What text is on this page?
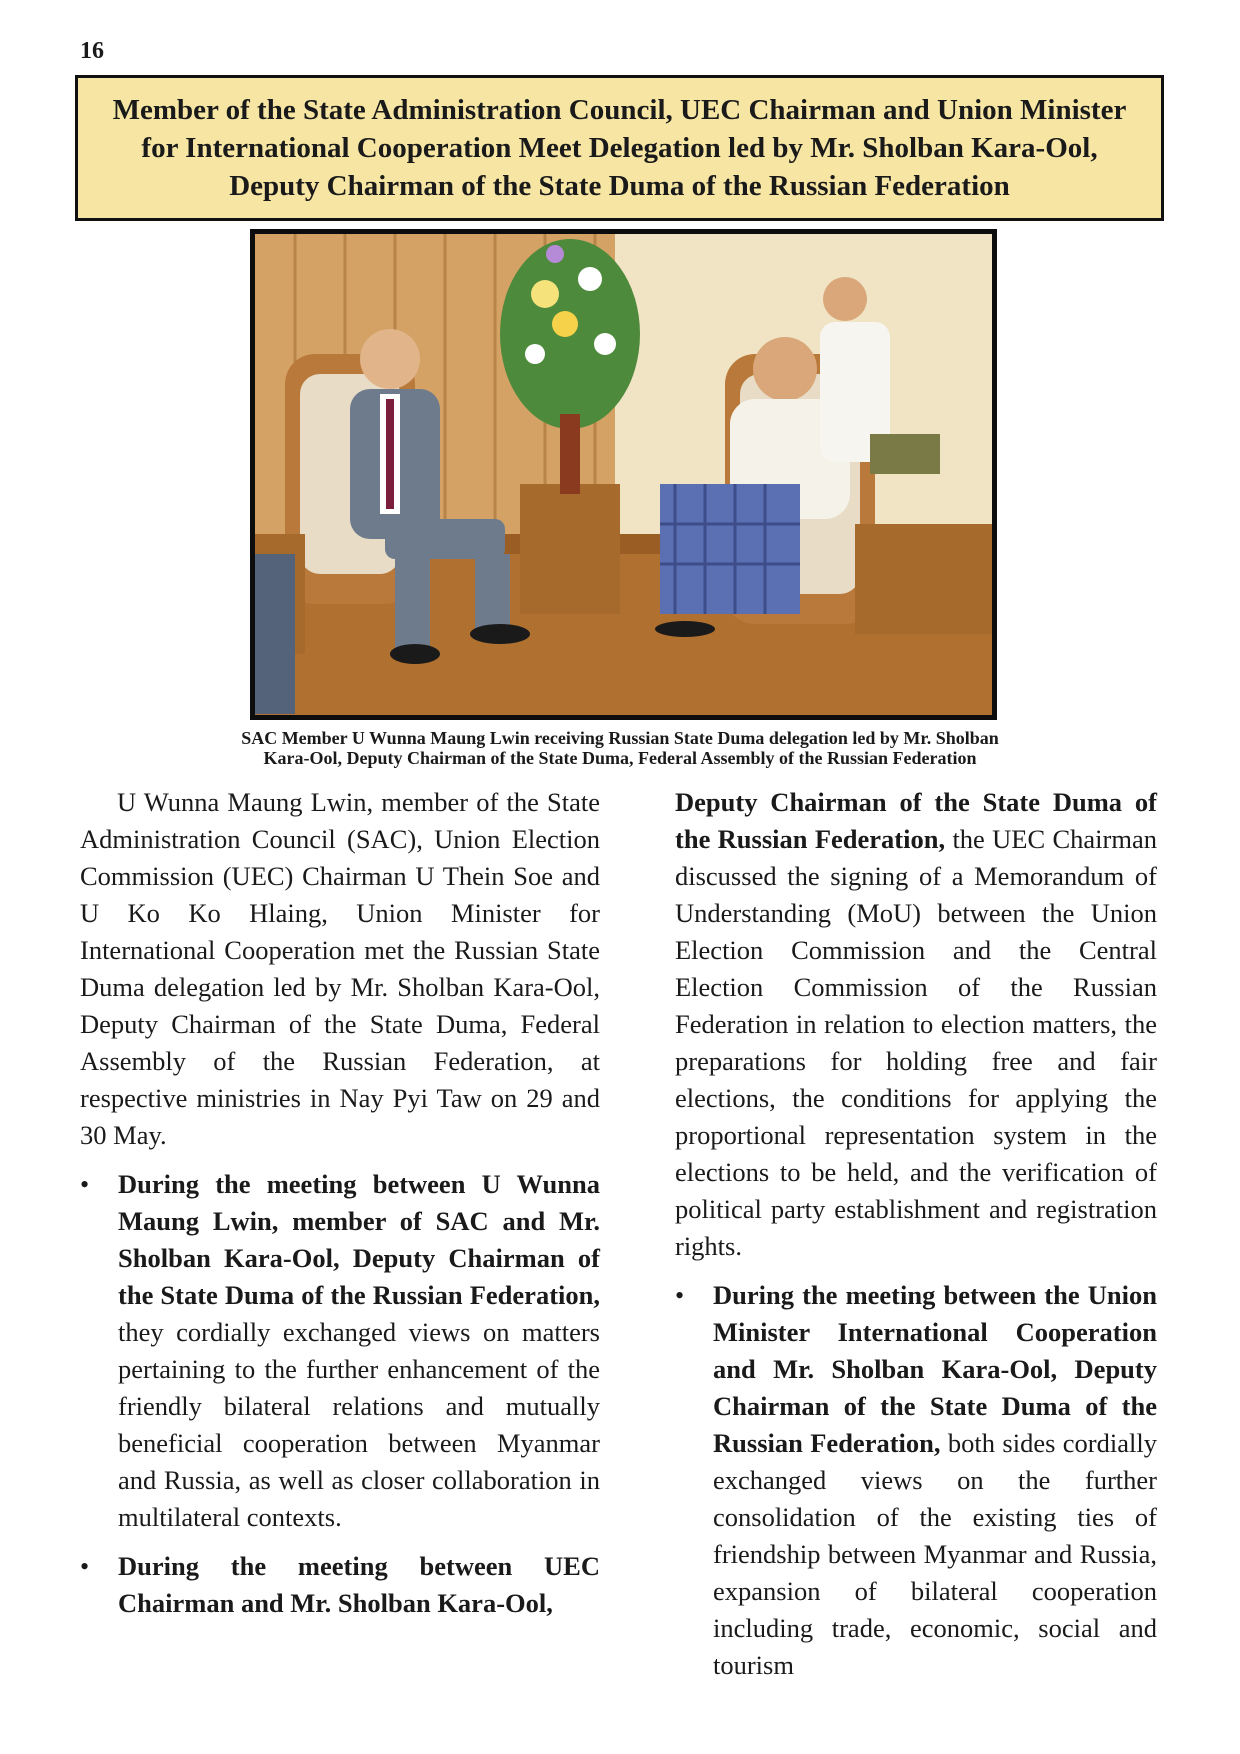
16
Member of the State Administration Council, UEC Chairman and Union Minister for International Cooperation Meet Delegation led by Mr. Sholban Kara-Ool, Deputy Chairman of the State Duma of the Russian Federation
SAC Member U Wunna Maung Lwin receiving Russian State Duma delegation led by Mr. Sholban
Kara-Ool, Deputy Chairman of the State Duma, Federal Assembly of the Russian Federation

U Wunna Maung Lwin, member of the State Administration Council (SAC), Union Election Commission (UEC) Chairman U Thein Soe and U Ko Ko Hlaing, Union Minister for International Cooperation met the Russian State Duma delegation led by Mr. Sholban Kara-Ool, Deputy Chairman of the State Duma, Federal Assembly of the Russian Federation, at respective ministries in Nay Pyi Taw on 29 and 30 May.

• During the meeting between U Wunna Maung Lwin, member of SAC and Mr. Sholban Kara-Ool, Deputy Chairman of the State Duma of the Russian Federation, they cordially exchanged views on matters pertaining to the further enhancement of the friendly bilateral relations and mutually beneficial cooperation between Myanmar and Russia, as well as closer collaboration in multilateral contexts.
• During the meeting between UEC Chairman and Mr. Sholban Kara-Ool,

Deputy Chairman of the State Duma of the Russian Federation, the UEC Chairman discussed the signing of a Memorandum of Understanding (MoU) between the Union Election Commission and the Central Election Commission of the Russian Federation in relation to election matters, the preparations for holding free and fair elections, the conditions for applying the proportional representation system in the elections to be held, and the verification of political party establishment and registration rights.

• During the meeting between the Union Minister International Cooperation and Mr. Sholban Kara-Ool, Deputy Chairman of the State Duma of the Russian Federation, both sides cordially exchanged views on the further consolidation of the existing ties of friendship between Myanmar and Russia, expansion of bilateral cooperation including trade, economic, social and tourism
